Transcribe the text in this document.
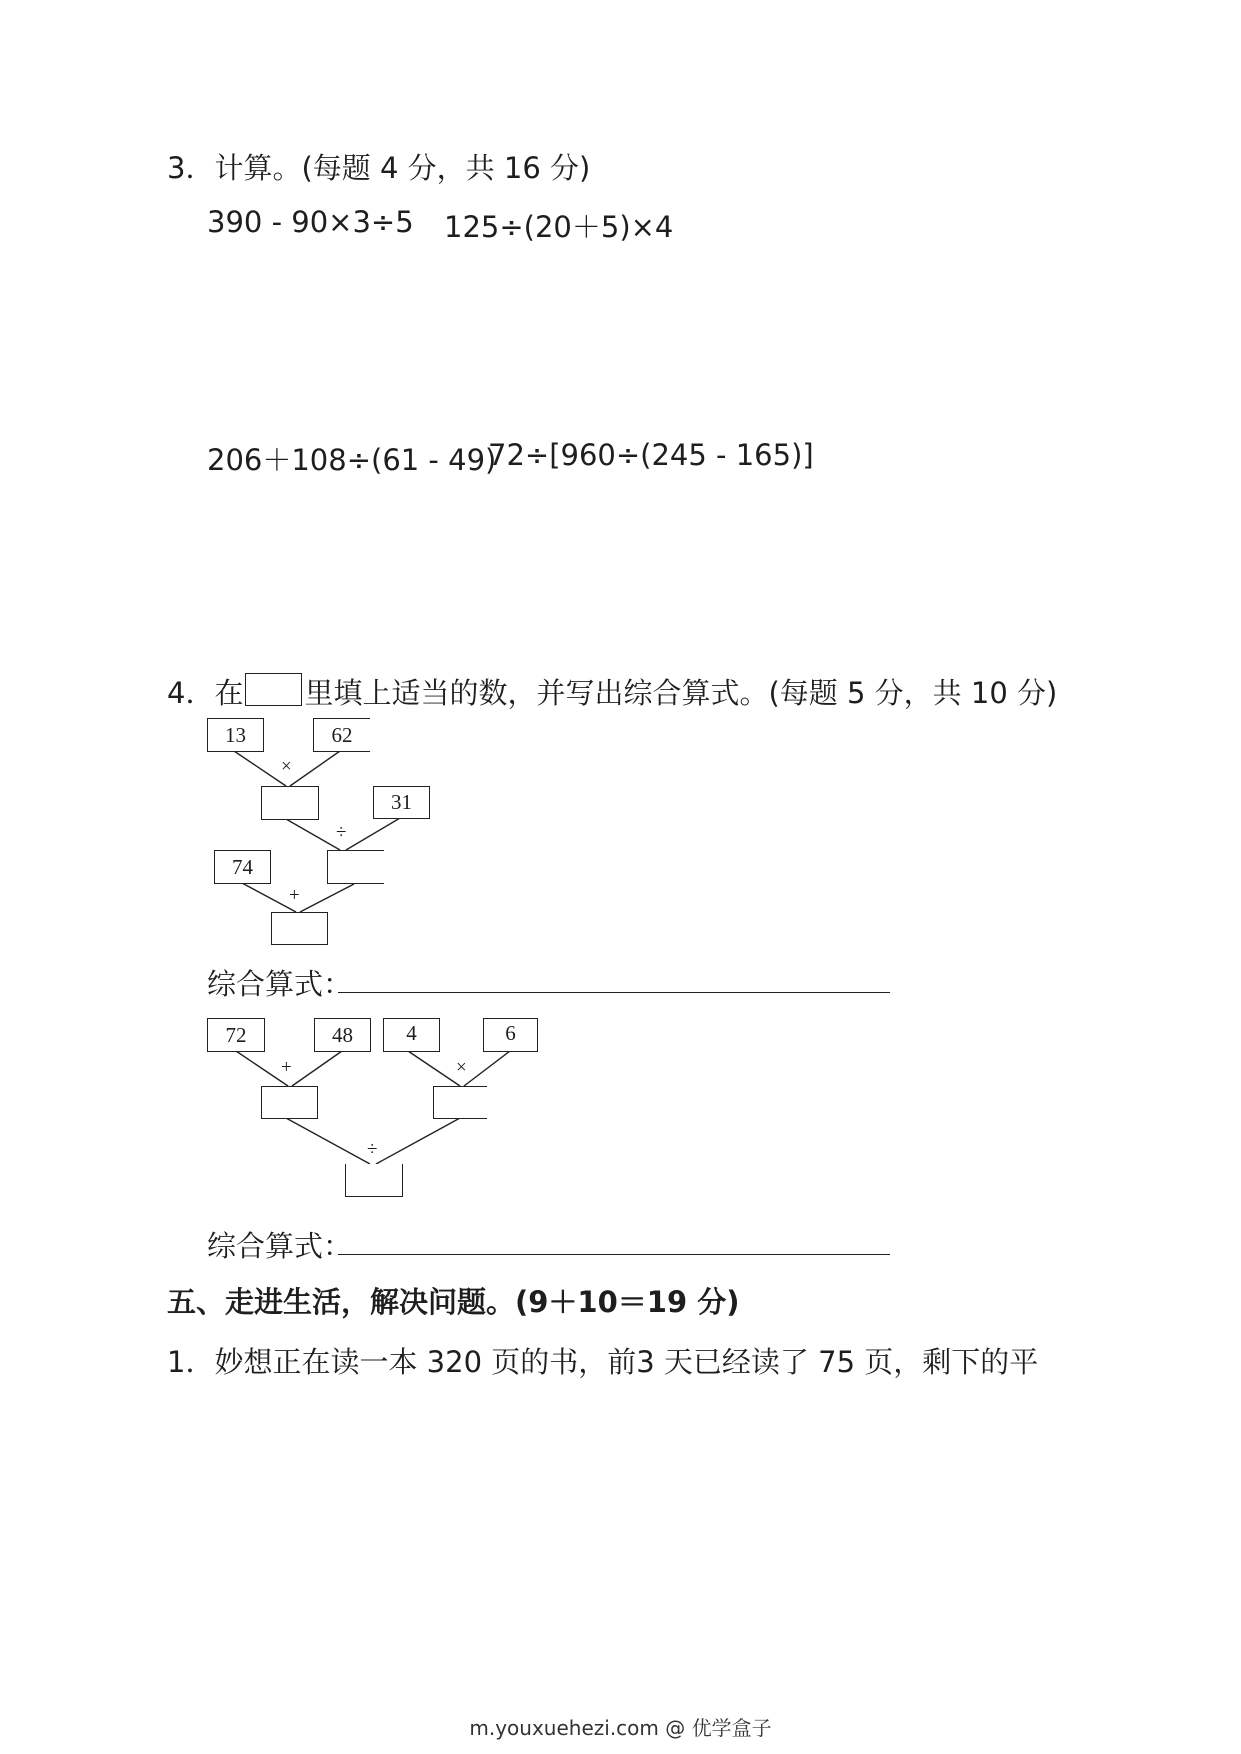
3．计算。(每题 4 分，共 16 分)
390 - 90×3÷5 125÷(20＋5)×4
206＋108÷(61 - 49)
72÷[960÷(245 - 165)]
4．在 里填上适当的数，并写出综合算式。(每题 5 分，共 10 分)
13	62
×
31
÷
74
+
综合算式：
72	48	4	6
+	×
÷
综合算式：
五、走进生活，解决问题。(9＋10＝19 分)
1．妙想正在读一本 320 页的书，前3 天已经读了 75 页，剩下的平
m.youxuehezi.com @ 优学盒子
